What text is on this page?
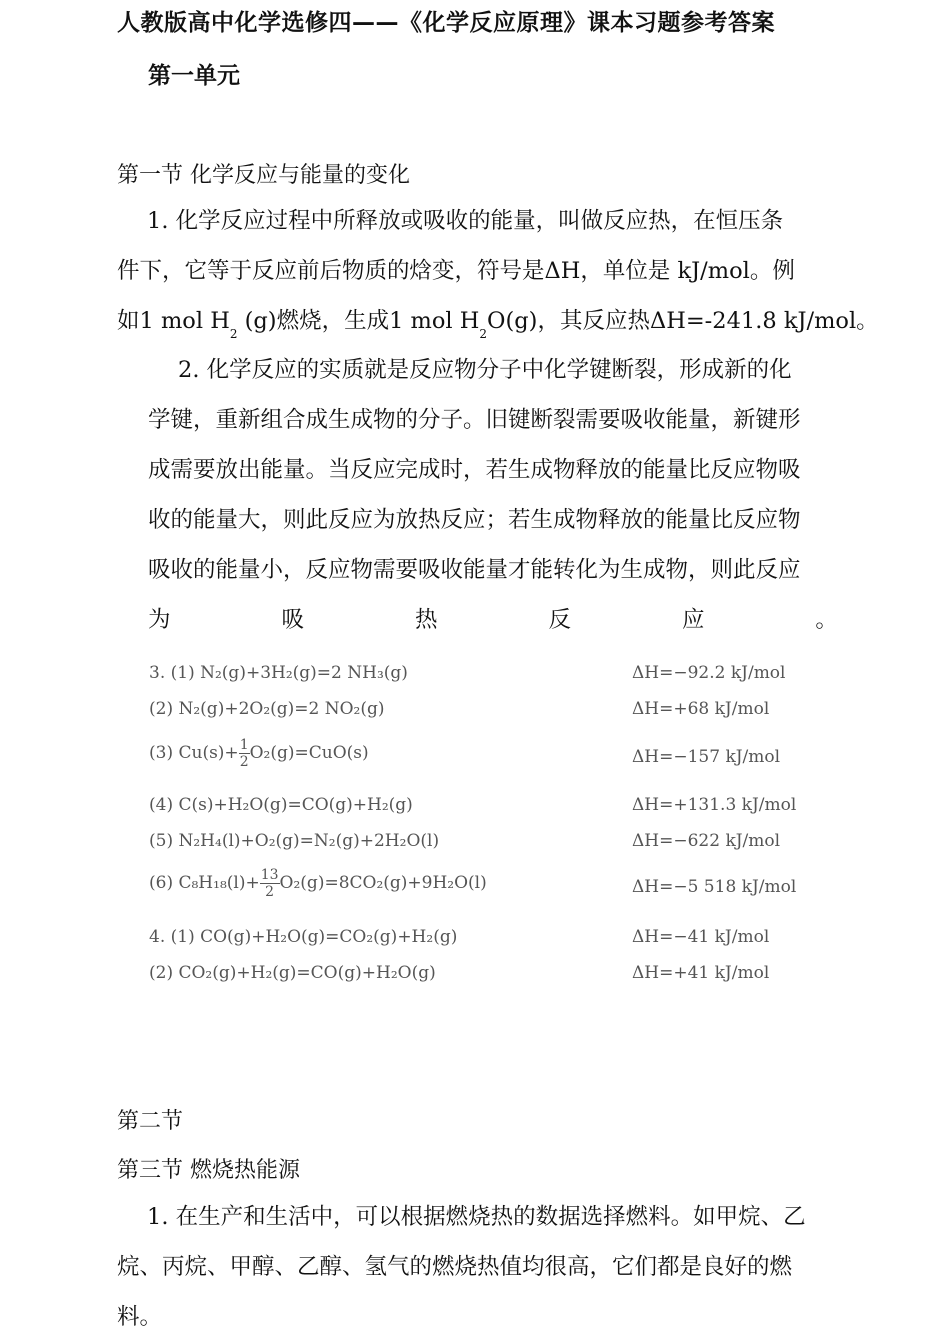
人教版高中化学选修四——《化学反应原理》课本习题参考答案
第一单元
第一节 化学反应与能量的变化
1. 化学反应过程中所释放或吸收的能量，叫做反应热，在恒压条
件下，它等于反应前后物质的焓变，符号是ΔH，单位是 kJ/mol。例
如1 mol $H_2$ (g)燃烧，生成1 mol $H_2O(g)$，其反应热ΔH=-241.8 kJ/mol。
2. 化学反应的实质就是反应物分子中化学键断裂，形成新的化
学键，重新组合成生成物的分子。旧键断裂需要吸收能量，新键形
成需要放出能量。当反应完成时，若生成物释放的能量比反应物吸
收的能量大，则此反应为放热反应；若生成物释放的能量比反应物
吸收的能量小，反应物需要吸收能量才能转化为生成物，则此反应
为	吸	热	反	应	。
3. (1) N₂(g)+3H₂(g)=2 NH₃(g)	ΔH=−92.2 kJ/mol
(2) N₂(g)+2O₂(g)=2 NO₂(g)	ΔH=+68 kJ/mol
(3) $Cu(s)+ \frac{1}{2} O_2(g)=CuO(s)$	ΔH=−157 kJ/mol
(4) C(s)+H₂O(g)=CO(g)+H₂(g)	ΔH=+131.3 kJ/mol
(5) N₂H₄(l)+O₂(g)=N₂(g)+2H₂O(l)	ΔH=−622 kJ/mol
(6) $C_8H_{18}(l)+ \frac{13}{2} O_2(g)=8CO_2(g)+9H_2O(l)$	ΔH=−5 518 kJ/mol
4. (1) CO(g)+H₂O(g)=CO₂(g)+H₂(g)	ΔH=−41 kJ/mol
(2) CO₂(g)+H₂(g)=CO(g)+H₂O(g)	ΔH=+41 kJ/mol
第二节
第三节 燃烧热能源
1. 在生产和生活中，可以根据燃烧热的数据选择燃料。如甲烷、乙
烷、丙烷、甲醇、乙醇、氢气的燃烧热值均很高，它们都是良好的燃
料。
